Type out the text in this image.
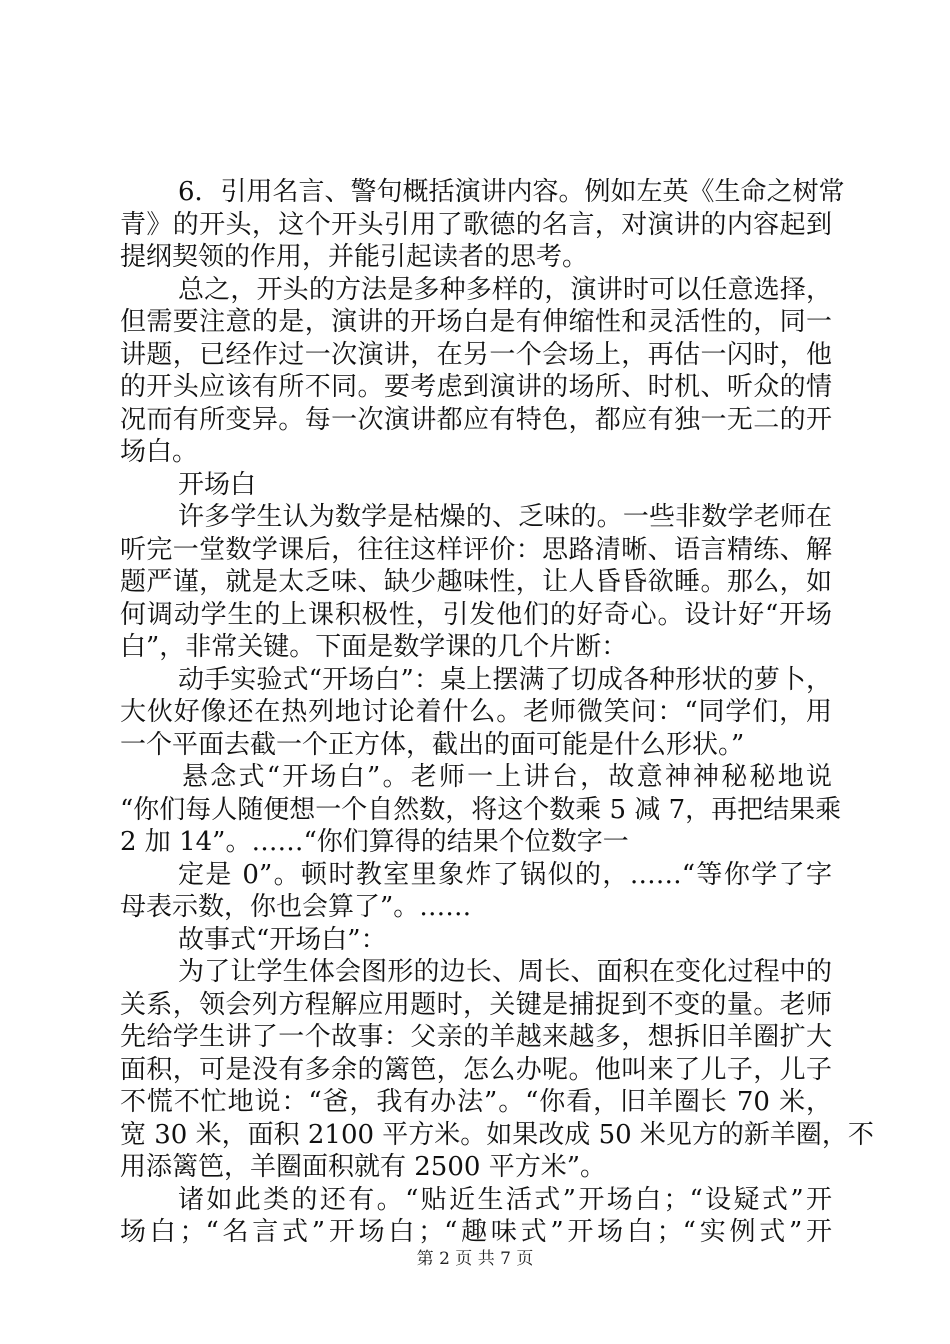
6．引用名言、警句概括演讲内容。例如左英《生命之树常
青》的开头，这个开头引用了歌德的名言，对演讲的内容起到
提纲契领的作用，并能引起读者的思考。
总之，开头的方法是多种多样的，演讲时可以任意选择，
但需要注意的是，演讲的开场白是有伸缩性和灵活性的，同一
讲题，已经作过一次演讲，在另一个会场上，再估一闪时，他
的开头应该有所不同。要考虑到演讲的场所、时机、听众的情
况而有所变异。每一次演讲都应有特色，都应有独一无二的开
场白。
开场白
许多学生认为数学是枯燥的、乏味的。一些非数学老师在
听完一堂数学课后，往往这样评价：思路清晰、语言精练、解
题严谨，就是太乏味、缺少趣味性，让人昏昏欲睡。那么，如
何调动学生的上课积极性，引发他们的好奇心。设计好“开场
白”，非常关键。下面是数学课的几个片断：
动手实验式“开场白”：桌上摆满了切成各种形状的萝卜，
大伙好像还在热列地讨论着什么。老师微笑问：“同学们，用
一个平面去截一个正方体，截出的面可能是什么形状。”
悬念式“开场白”。老师一上讲台，故意神神秘秘地说
“你们每人随便想一个自然数，将这个数乘 5 减 7，再把结果乘
2 加 14”。……“你们算得的结果个位数字一
定是 0”。顿时教室里象炸了锅似的，……“等你学了字
母表示数，你也会算了”。……
故事式“开场白”：
为了让学生体会图形的边长、周长、面积在变化过程中的
关系，领会列方程解应用题时，关键是捕捉到不变的量。老师
先给学生讲了一个故事：父亲的羊越来越多，想拆旧羊圈扩大
面积，可是没有多余的篱笆，怎么办呢。他叫来了儿子，儿子
不慌不忙地说：“爸，我有办法”。“你看，旧羊圈长 70 米，
宽 30 米，面积 2100 平方米。如果改成 50 米见方的新羊圈，不
用添篱笆，羊圈面积就有 2500 平方米”。
诸如此类的还有。“贴近生活式”开场白；“设疑式”开
场白；“名言式”开场白；“趣味式”开场白；“实例式”开
第 2 页 共 7 页
